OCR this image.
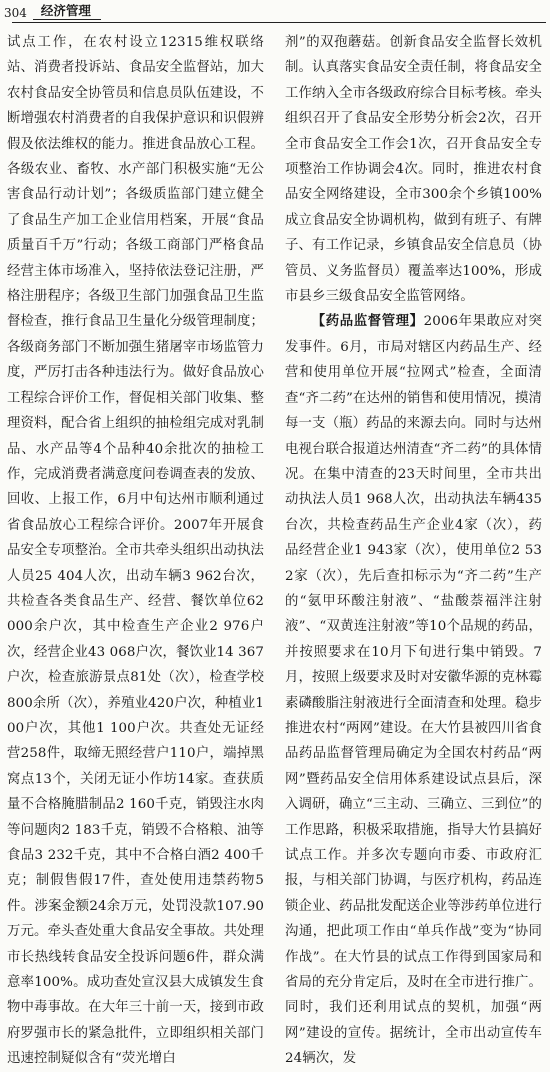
304	经济管理

试点工作，在农村设立12315维权联络站、消费者投诉站、食品安全监督站，加大农村食品安全协管员和信息员队伍建设，不断增强农村消费者的自我保护意识和识假辨假及依法维权的能力。推进食品放心工程。各级农业、畜牧、水产部门积极实施“无公害食品行动计划”；各级质监部门建立健全了食品生产加工企业信用档案，开展“食品质量百千万”行动；各级工商部门严格食品经营主体市场准入，坚持依法登记注册，严格注册程序；各级卫生部门加强食品卫生监督检查，推行食品卫生量化分级管理制度；各级商务部门不断加强生猪屠宰市场监管力度，严厉打击各种违法行为。做好食品放心工程综合评价工作，督促相关部门收集、整理资料，配合省上组织的抽检组完成对乳制品、水产品等4个品种40余批次的抽检工作，完成消费者满意度问卷调查表的发放、回收、上报工作，6月中旬达州市顺利通过省食品放心工程综合评价。2007年开展食品安全专项整治。全市共牵头组织出动执法人员25 404人次，出动车辆3 962台次，共检查各类食品生产、经营、餐饮单位62 000余户次，其中检查生产企业2 976户次，经营企业43 068户次，餐饮业14 367户次，检查旅游景点81处（次），检查学校800余所（次），养殖业420户次，种植业100户次，其他1 100户次。共查处无证经营258件，取缔无照经营户110户，端掉黑窝点13个，关闭无证小作坊14家。查获质量不合格腌腊制品2 160千克，销毁注水肉等问题肉2 183千克，销毁不合格粮、油等食品3 232千克，其中不合格白酒2 400千克；制假售假17件，查处使用违禁药物5件。涉案金额24余万元，处罚没款107.90万元。牵头查处重大食品安全事故。共处理市长热线转食品安全投诉问题6件，群众满意率100%。成功查处宣汉县大成镇发生食物中毒事故。在大年三十前一天，接到市政府罗强市长的紧急批件，立即组织相关部门迅速控制疑似含有“荧光增白

剂”的双孢蘑菇。创新食品安全监督长效机制。认真落实食品安全责任制，将食品安全工作纳入全市各级政府综合目标考核。牵头组织召开了食品安全形势分析会2次，召开全市食品安全工作会1次，召开食品安全专项整治工作协调会4次。同时，推进农村食品安全网络建设，全市300余个乡镇100%成立食品安全协调机构，做到有班子、有牌子、有工作记录，乡镇食品安全信息员（协管员、义务监督员）覆盖率达100%，形成市县乡三级食品安全监管网络。

【药品监督管理】2006年果敢应对突发事件。6月，市局对辖区内药品生产、经营和使用单位开展“拉网式”检查，全面清查“齐二药”在达州的销售和使用情况，摸清每一支（瓶）药品的来源去向。同时与达州电视台联合报道达州清查“齐二药”的具体情况。在集中清查的23天时间里，全市共出动执法人员1 968人次，出动执法车辆435台次，共检查药品生产企业4家（次），药品经营企业1 943家（次），使用单位2 532家（次），先后查扣标示为“齐二药”生产的“氨甲环酸注射液”、“盐酸萘福泮注射液”、“双黄连注射液”等10个品规的药品，并按照要求在10月下旬进行集中销毁。7月，按照上级要求及时对安徽华源的克林霉素磷酸脂注射液进行全面清查和处理。稳步推进农村“两网”建设。在大竹县被四川省食品药品监督管理局确定为全国农村药品“两网”暨药品安全信用体系建设试点县后，深入调研，确立“三主动、三确立、三到位”的工作思路，积极采取措施，指导大竹县搞好试点工作。并多次专题向市委、市政府汇报，与相关部门协调，与医疗机构，药品连锁企业、药品批发配送企业等涉药单位进行沟通，把此项工作由“单兵作战”变为“协同作战”。在大竹县的试点工作得到国家局和省局的充分肯定后，及时在全市进行推广。同时，我们还利用试点的契机，加强“两网”建设的宣传。据统计，全市出动宣传车24辆次，发
